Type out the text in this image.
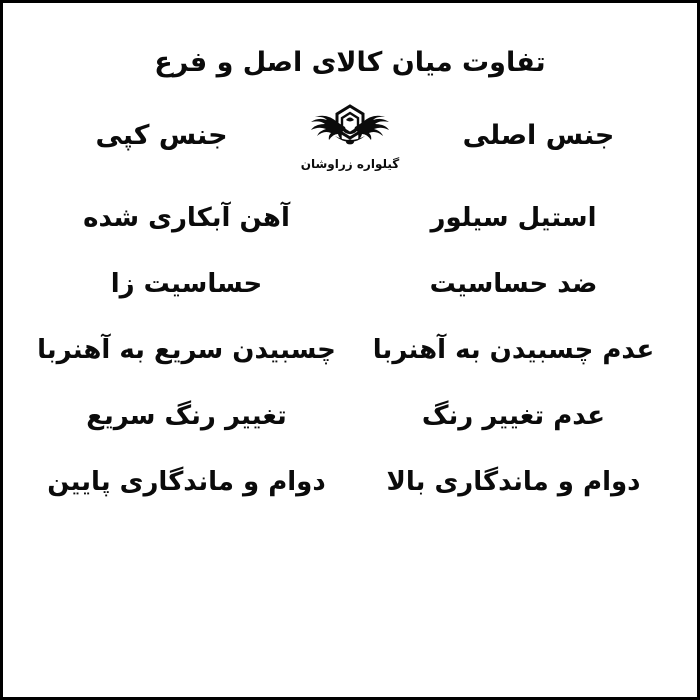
تفاوت میان کالای اصل و فرع
جنس اصلی
گیلواره زراوشان
جنس کپی
استیل سیلور
آهن آبکاری شده
ضد حساسیت
حساسیت زا
عدم چسبیدن به آهنربا
چسبیدن سریع به آهنربا
عدم تغییر رنگ
تغییر رنگ سریع
دوام و ماندگاری بالا
دوام و ماندگاری پایین
